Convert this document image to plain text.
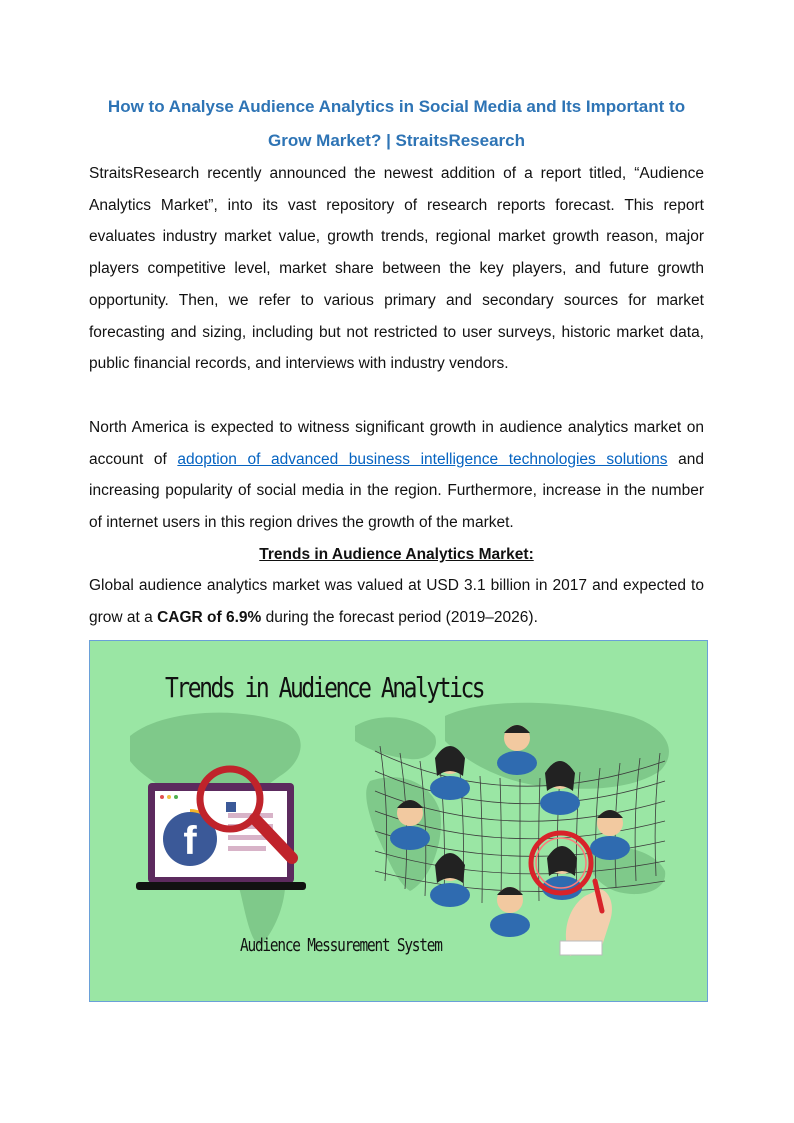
How to Analyse Audience Analytics in Social Media and Its Important to Grow Market? | StraitsResearch

StraitsResearch recently announced the newest addition of a report titled, “Audience Analytics Market”, into its vast repository of research reports forecast. This report evaluates industry market value, growth trends, regional market growth reason, major players competitive level, market share between the key players, and future growth opportunity. Then, we refer to various primary and secondary sources for market forecasting and sizing, including but not restricted to user surveys, historic market data, public financial records, and interviews with industry vendors.

North America is expected to witness significant growth in audience analytics market on account of adoption of advanced business intelligence technologies solutions and increasing popularity of social media in the region. Furthermore, increase in the number of internet users in this region drives the growth of the market.

Trends in Audience Analytics Market:

Global audience analytics market was valued at USD 3.1 billion in 2017 and expected to grow at a CAGR of 6.9% during the forecast period (2019–2026).

f
Trends in Audience Analytics
Audience Messurement System
